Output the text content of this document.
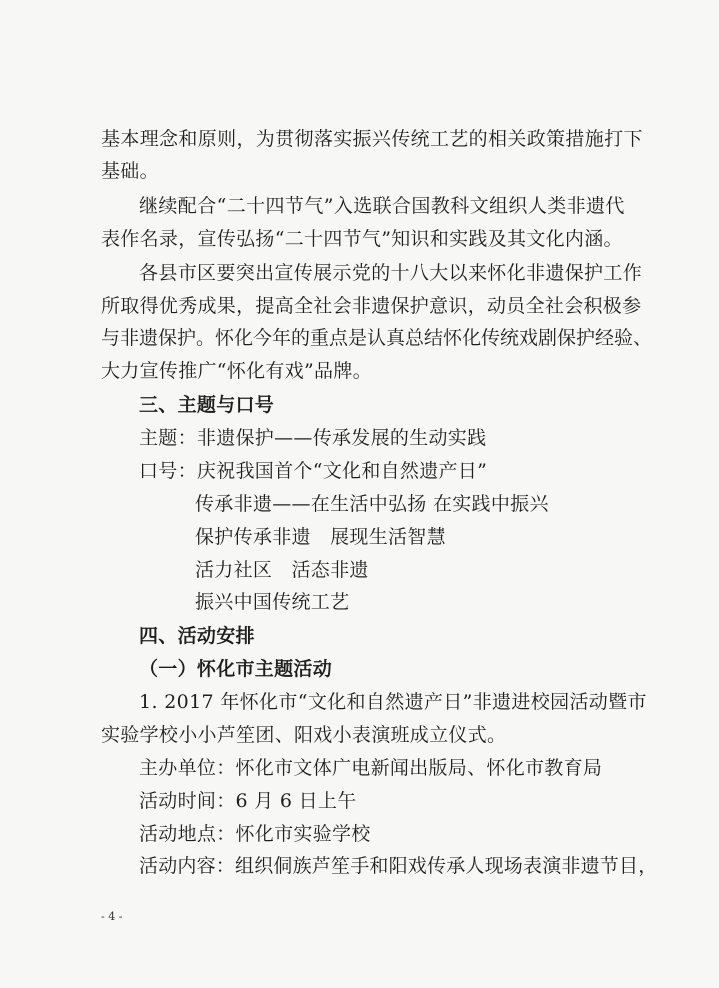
基本理念和原则，为贯彻落实振兴传统工艺的相关政策措施打下
基础。
继续配合“二十四节气”入选联合国教科文组织人类非遗代
表作名录，宣传弘扬“二十四节气”知识和实践及其文化内涵。
各县市区要突出宣传展示党的十八大以来怀化非遗保护工作
所取得优秀成果，提高全社会非遗保护意识，动员全社会积极参
与非遗保护。怀化今年的重点是认真总结怀化传统戏剧保护经验、
大力宣传推广“怀化有戏”品牌。
三、主题与口号
主题：非遗保护——传承发展的生动实践
口号：庆祝我国首个“文化和自然遗产日”
传承非遗——在生活中弘扬 在实践中振兴
保护传承非遗　展现生活智慧
活力社区　活态非遗
振兴中国传统工艺
四、活动安排
（一）怀化市主题活动
1. 2017 年怀化市“文化和自然遗产日”非遗进校园活动暨市
实验学校小小芦笙团、阳戏小表演班成立仪式。
主办单位：怀化市文体广电新闻出版局、怀化市教育局
活动时间：6 月 6 日上午
活动地点：怀化市实验学校
活动内容：组织侗族芦笙手和阳戏传承人现场表演非遗节目，
- 4 -
